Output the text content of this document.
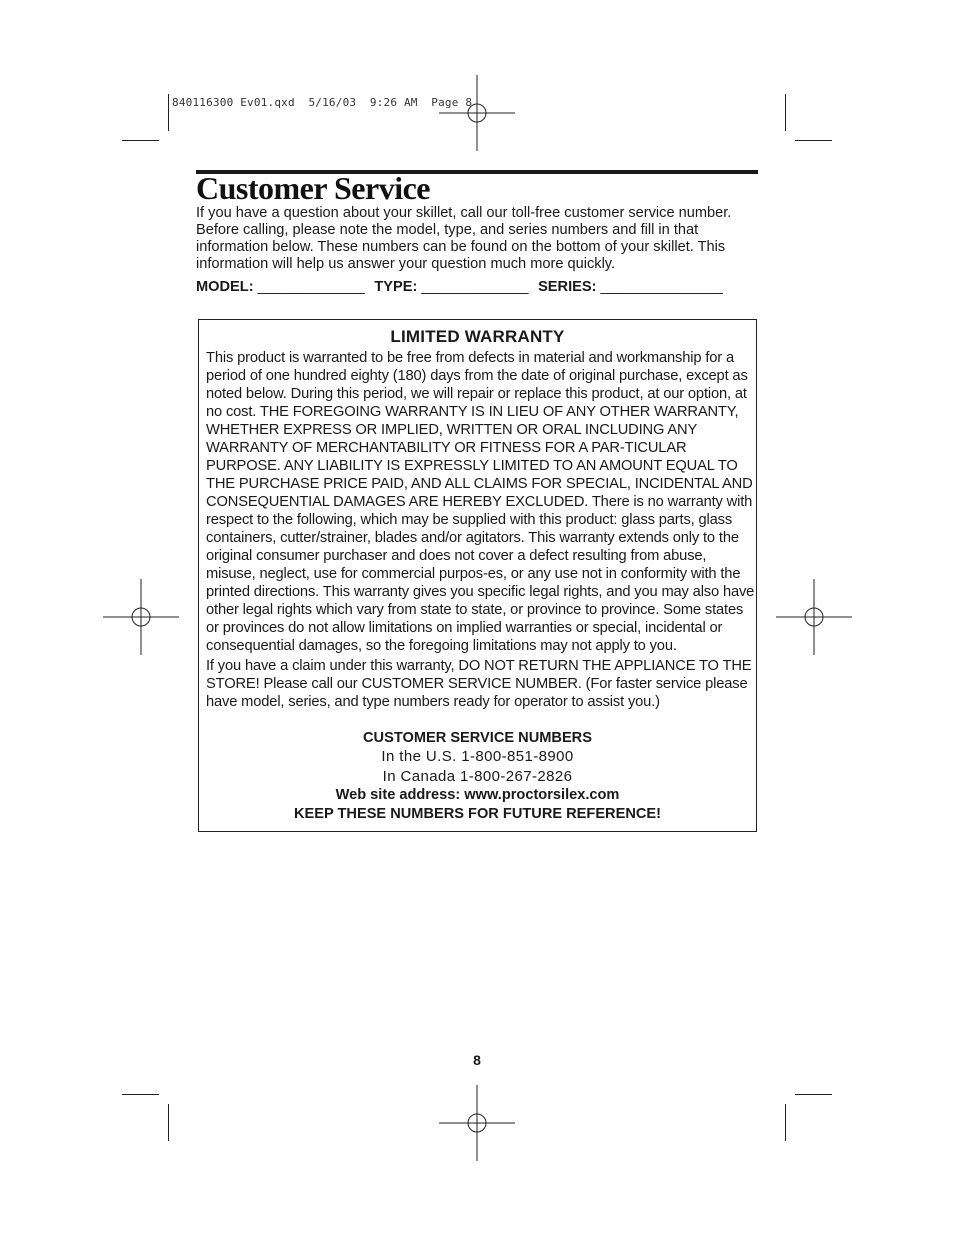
840116300 Ev01.qxd  5/16/03  9:26 AM  Page 8
Customer Service
If you have a question about your skillet, call our toll-free customer service number. Before calling, please note the model, type, and series numbers and fill in that information below. These numbers can be found on the bottom of your skillet. This information will help us answer your question much more quickly.
MODEL: ______________ TYPE: ______________ SERIES: ________________
LIMITED WARRANTY

This product is warranted to be free from defects in material and workmanship for a period of one hundred eighty (180) days from the date of original purchase, except as noted below. During this period, we will repair or replace this product, at our option, at no cost. THE FOREGOING WARRANTY IS IN LIEU OF ANY OTHER WARRANTY, WHETHER EXPRESS OR IMPLIED, WRITTEN OR ORAL INCLUDING ANY WARRANTY OF MERCHANTABILITY OR FITNESS FOR A PAR-TICULAR PURPOSE. ANY LIABILITY IS EXPRESSLY LIMITED TO AN AMOUNT EQUAL TO THE PURCHASE PRICE PAID, AND ALL CLAIMS FOR SPECIAL, INCIDENTAL AND CONSEQUENTIAL DAMAGES ARE HEREBY EXCLUDED. There is no warranty with respect to the following, which may be supplied with this product: glass parts, glass containers, cutter/strainer, blades and/or agitators. This warranty extends only to the original consumer purchaser and does not cover a defect resulting from abuse, misuse, neglect, use for commercial purpos-es, or any use not in conformity with the printed directions. This warranty gives you specific legal rights, and you may also have other legal rights which vary from state to state, or province to province. Some states or provinces do not allow limitations on implied warranties or special, incidental or consequential damages, so the foregoing limitations may not apply to you.

If you have a claim under this warranty, DO NOT RETURN THE APPLIANCE TO THE STORE! Please call our CUSTOMER SERVICE NUMBER. (For faster service please have model, series, and type numbers ready for operator to assist you.)

CUSTOMER SERVICE NUMBERS
In the U.S. 1-800-851-8900
In Canada 1-800-267-2826
Web site address: www.proctorsilex.com
KEEP THESE NUMBERS FOR FUTURE REFERENCE!
8
